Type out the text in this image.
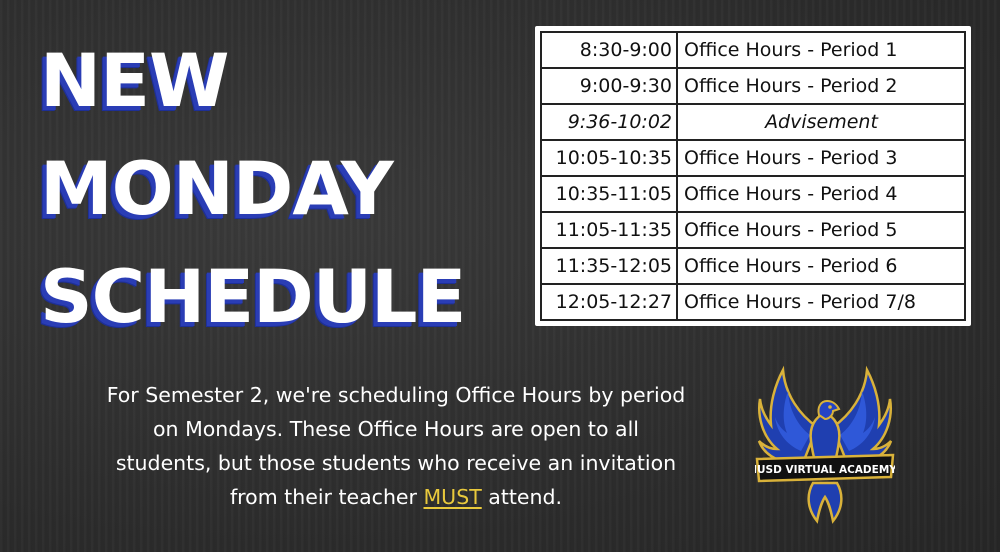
NEW
MONDAY
SCHEDULE
8:30-9:00	Office Hours - Period 1
9:00-9:30	Office Hours - Period 2
9:36-10:02	Advisement
10:05-10:35	Office Hours - Period 3
10:35-11:05	Office Hours - Period 4
11:05-11:35	Office Hours - Period 5
11:35-12:05	Office Hours - Period 6
12:05-12:27	Office Hours - Period 7/8
For Semester 2, we're scheduling Office Hours by period
on Mondays. These Office Hours are open to all
students, but those students who receive an invitation
from their teacher MUST attend.
IUSD VIRTUAL ACADEMY
